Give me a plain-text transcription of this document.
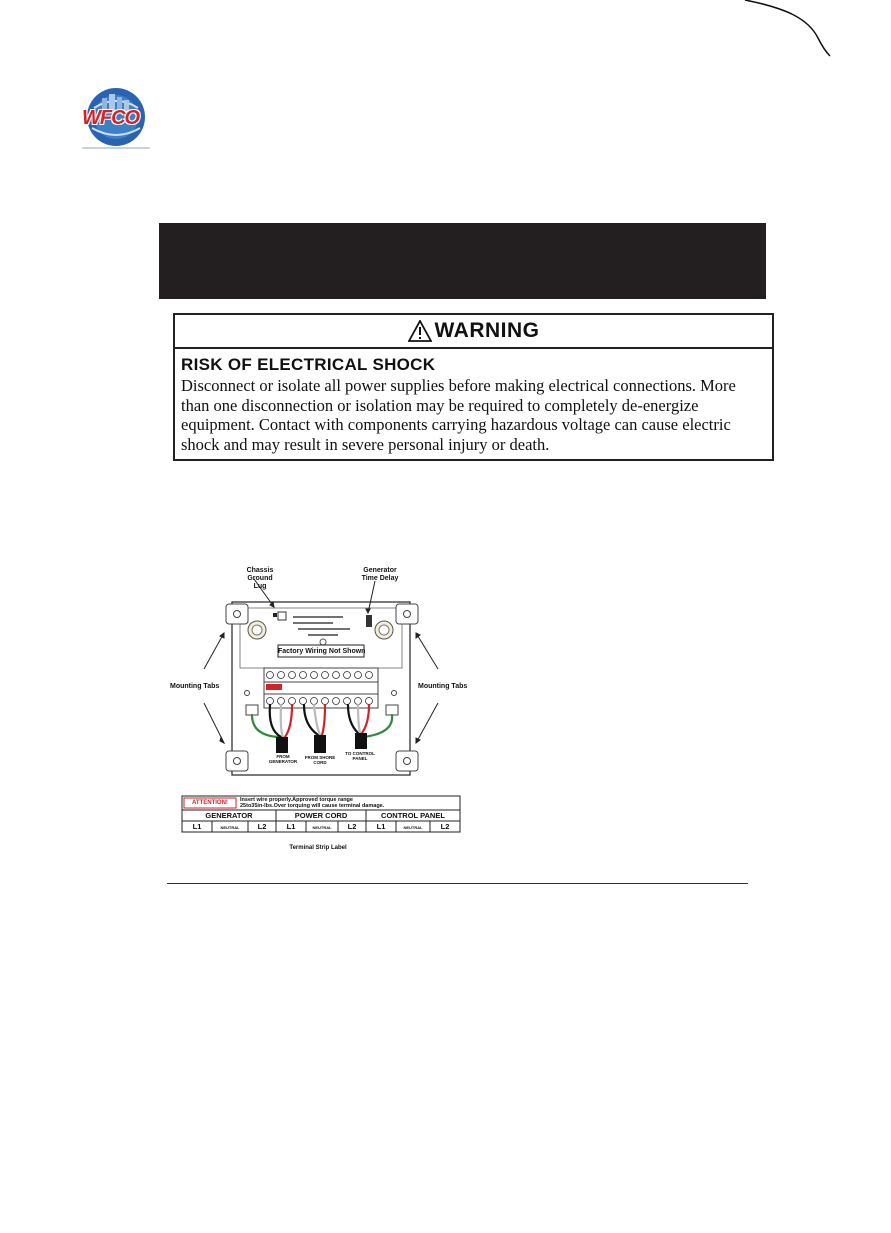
WFCO
WARNING
RISK OF ELECTRICAL SHOCK
Disconnect or isolate all power supplies before making electrical connections. More than one disconnection or isolation may be required to completely de-energize equipment. Contact with components carrying hazardous voltage can cause electric shock and may result in severe personal injury or death.
Chassis Ground Lug
Generator Time Delay
Factory Wiring Not Shown
Mounting Tabs	Mounting Tabs
FROM GENERATOR
FROM SHORE CORD
TO CONTROL PANEL
ATTENTION!	Insert wire properly.Approved torque range
25to35in-lbs.Over torquing will cause terminal damage.
GENERATOR	POWER CORD	CONTROL PANEL
L1	NEUTRAL	L2	L1	NEUTRAL	L2	L1	NEUTRAL	L2
Terminal Strip Label
